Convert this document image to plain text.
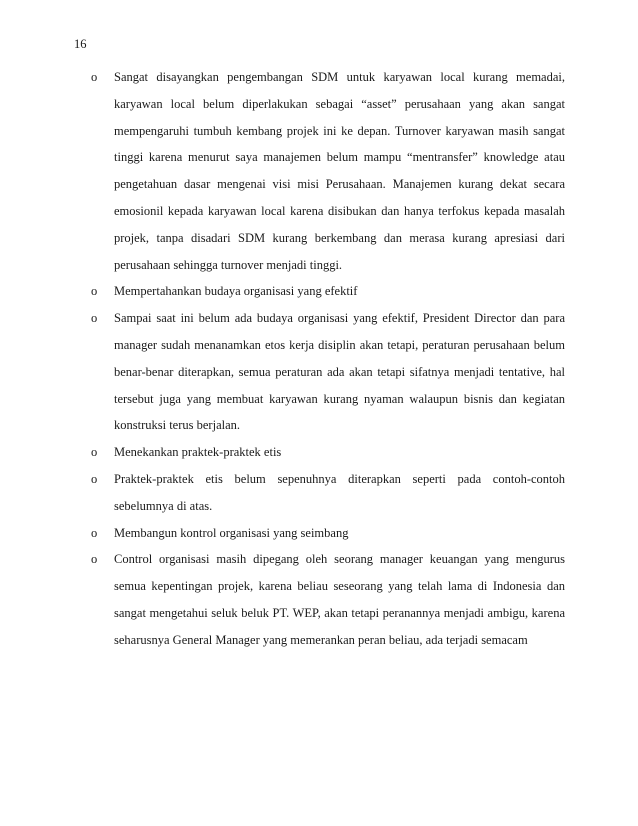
16
o Sangat disayangkan pengembangan SDM untuk karyawan local kurang memadai, karyawan local belum diperlakukan sebagai “asset” perusahaan yang akan sangat mempengaruhi tumbuh kembang projek ini ke depan. Turnover karyawan masih sangat tinggi karena menurut saya manajemen belum mampu “mentransfer” knowledge atau pengetahuan dasar mengenai visi misi Perusahaan. Manajemen kurang dekat secara emosionil kepada karyawan local karena disibukan dan hanya terfokus kepada masalah projek, tanpa disadari SDM kurang berkembang dan merasa kurang apresiasi dari perusahaan sehingga turnover menjadi tinggi.
o Mempertahankan budaya organisasi yang efektif
o Sampai saat ini belum ada budaya organisasi yang efektif, President Director dan para manager sudah menanamkan etos kerja disiplin akan tetapi, peraturan perusahaan belum benar-benar diterapkan, semua peraturan ada akan tetapi sifatnya menjadi tentative, hal tersebut juga yang membuat karyawan kurang nyaman walaupun bisnis dan kegiatan konstruksi terus berjalan.
o Menekankan praktek-praktek etis
o Praktek-praktek etis belum sepenuhnya diterapkan seperti pada contoh-contoh sebelumnya di atas.
o Membangun kontrol organisasi yang seimbang
o Control organisasi masih dipegang oleh seorang manager keuangan yang mengurus semua kepentingan projek, karena beliau seseorang yang telah lama di Indonesia dan sangat mengetahui seluk beluk PT. WEP, akan tetapi peranannya menjadi ambigu, karena seharusnya General Manager yang memerankan peran beliau, ada terjadi semacam
